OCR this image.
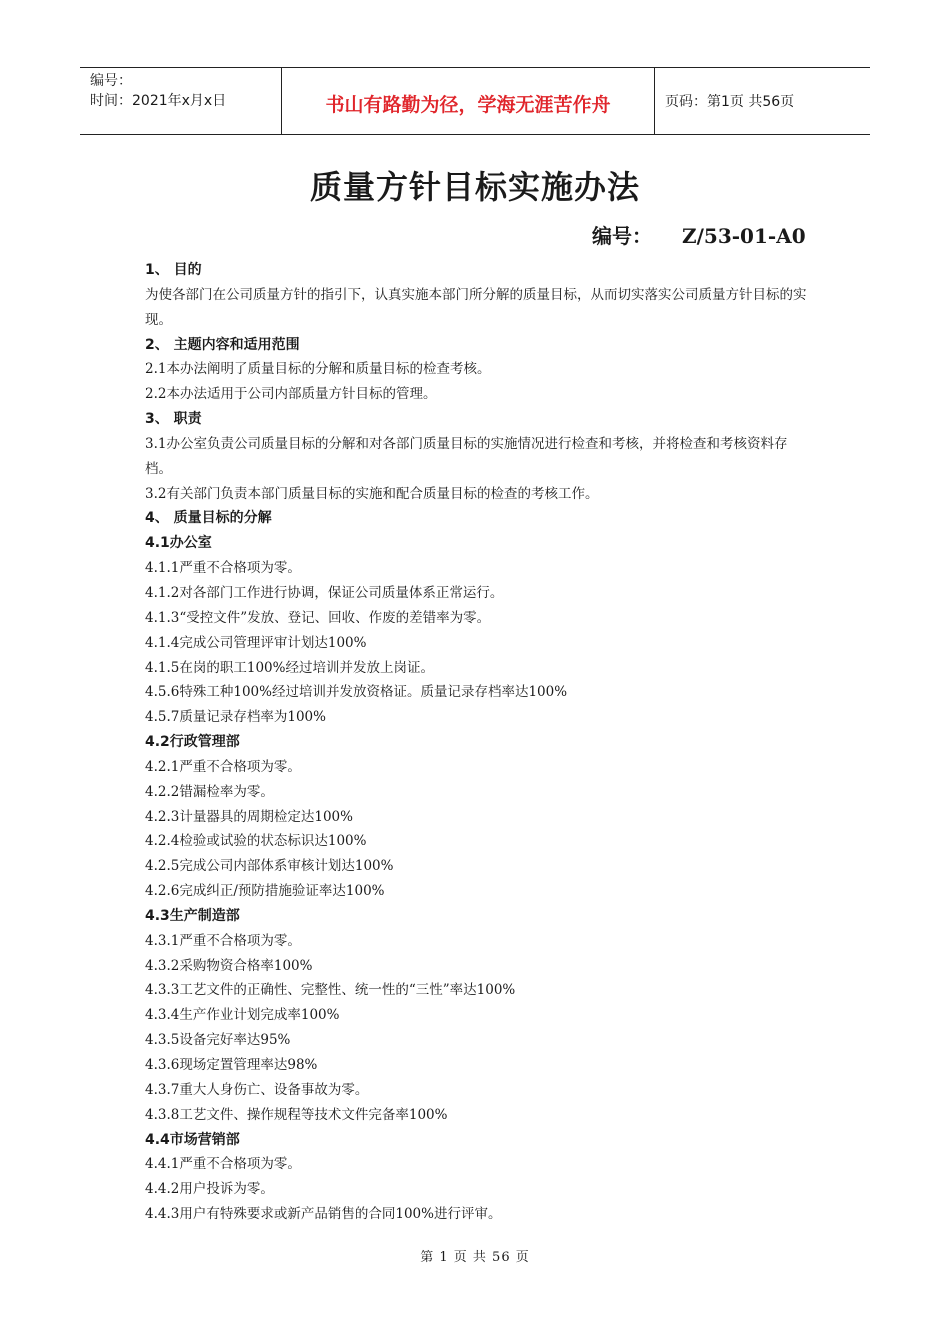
编号：
时间：2021年x月x日	书山有路勤为径，学海无涯苦作舟	页码：第1页 共56页
质量方针目标实施办法
编号： Z/53-01-A0
1、 目的
为使各部门在公司质量方针的指引下，认真实施本部门所分解的质量目标，从而切实落实公司质量方针目标的实现。
2、 主题内容和适用范围
2.1本办法阐明了质量目标的分解和质量目标的检查考核。
2.2本办法适用于公司内部质量方针目标的管理。
3、 职责
3.1办公室负责公司质量目标的分解和对各部门质量目标的实施情况进行检查和考核，并将检查和考核资料存档。
3.2有关部门负责本部门质量目标的实施和配合质量目标的检查的考核工作。
4、 质量目标的分解
4.1办公室
4.1.1严重不合格项为零。
4.1.2对各部门工作进行协调，保证公司质量体系正常运行。
4.1.3“受控文件”发放、登记、回收、作废的差错率为零。
4.1.4完成公司管理评审计划达100%
4.1.5在岗的职工100%经过培训并发放上岗证。
4.5.6特殊工种100%经过培训并发放资格证。质量记录存档率达100%
4.5.7质量记录存档率为100%
4.2行政管理部
4.2.1严重不合格项为零。
4.2.2错漏检率为零。
4.2.3计量器具的周期检定达100%
4.2.4检验或试验的状态标识达100%
4.2.5完成公司内部体系审核计划达100%
4.2.6完成纠正/预防措施验证率达100%
4.3生产制造部
4.3.1严重不合格项为零。
4.3.2采购物资合格率100%
4.3.3工艺文件的正确性、完整性、统一性的“三性”率达100%
4.3.4生产作业计划完成率100%
4.3.5设备完好率达95%
4.3.6现场定置管理率达98%
4.3.7重大人身伤亡、设备事故为零。
4.3.8工艺文件、操作规程等技术文件完备率100%
4.4市场营销部
4.4.1严重不合格项为零。
4.4.2用户投诉为零。
4.4.3用户有特殊要求或新产品销售的合同100%进行评审。
第 1 页 共 56 页
